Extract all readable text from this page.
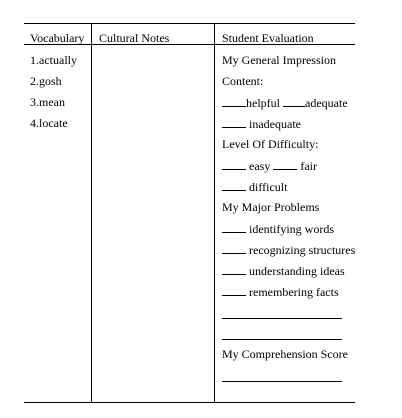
Vocabulary Cultural Notes	Student Evaluation
1.actually
2.gosh
3.mean
4.locate
My General Impression
Content:
helpful adequate
inadequate
Level Of Difficulty:
easy	fair
difficult
My Major Problems
identifying words
recognizing structures
understanding ideas
remembering facts
My Comprehension Score
